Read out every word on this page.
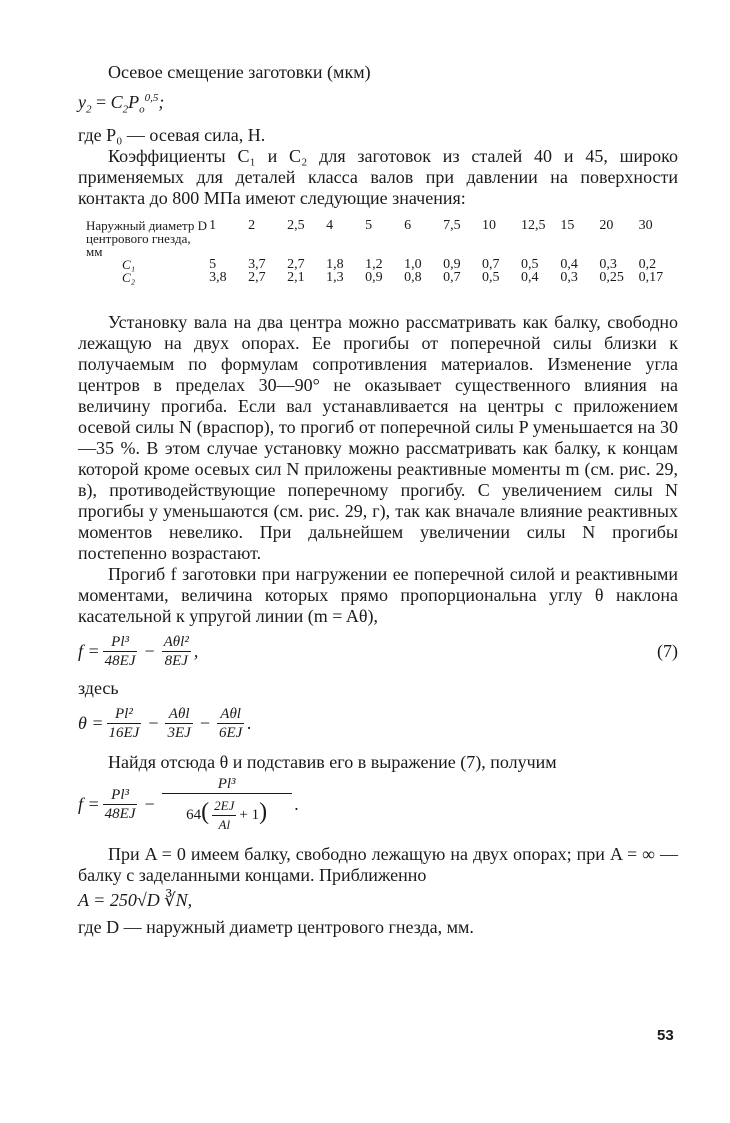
Осевое смещение заготовки (мкм)

$y_2 = C_2P_o^{0,5}$;

где P₀ — осевая сила, Н.

Коэффициенты C₁ и C₂ для заготовок из сталей 40 и 45, широко применяемых для деталей класса валов при давлении на поверхности контакта до 800 МПа имеют следующие значения:

Наружный диаметр D центрового гнезда, мм	1	2	2,5	4	5	6	7,5	10	12,5	15	20	30
C₁	5	3,7	2,7	1,8	1,2	1,0	0,9	0,7	0,5	0,4	0,3	0,2
C₂	3,8	2,7	2,1	1,3	0,9	0,8	0,7	0,5	0,4	0,3	0,25	0,17

Установку вала на два центра можно рассматривать как балку, свободно лежащую на двух опорах. Ее прогибы от поперечной силы близки к получаемым по формулам сопротивления материалов. Изменение угла центров в пределах 30—90° не оказывает существенного влияния на величину прогиба. Если вал устанавливается на центры с приложением осевой силы N (враспор), то прогиб от поперечной силы P уменьшается на 30—35 %. В этом случае установку можно рассматривать как балку, к концам которой кроме осевых сил N приложены реактивные моменты m (см. рис. 29, в), противодействующие поперечному прогибу. С увеличением силы N прогибы y уменьшаются (см. рис. 29, г), так как вначале влияние реактивных моментов невелико. При дальнейшем увеличении силы N прогибы постепенно возрастают.

Прогиб f заготовки при нагружении ее поперечной силой и реактивными моментами, величина которых прямо пропорциональна углу θ наклона касательной к упругой линии (m = Aθ),

$f = \frac{\text{Pl³}}{48EJ} - \frac{\text{Aθl²}}{8EJ}$ ,	(7)

здесь

$\theta = \frac{\text{Pl²}}{16EJ} - \frac{\text{Aθl}}{3EJ} - \frac{\text{Aθl}}{6EJ}$ .

Найдя отсюда θ и подставив его в выражение (7), получим

$f = \frac{\text{Pl³}}{48EJ} - \frac{\text{Pl³}}{64( \frac{2EJ}{Al} + 1)}$ .

При A = 0 имеем балку, свободно лежащую на двух опорах; при A = ∞ — балку с заделанными концами. Приближенно

A = 250√D ∛N,

где D — наружный диаметр центрового гнезда, мм.

53
